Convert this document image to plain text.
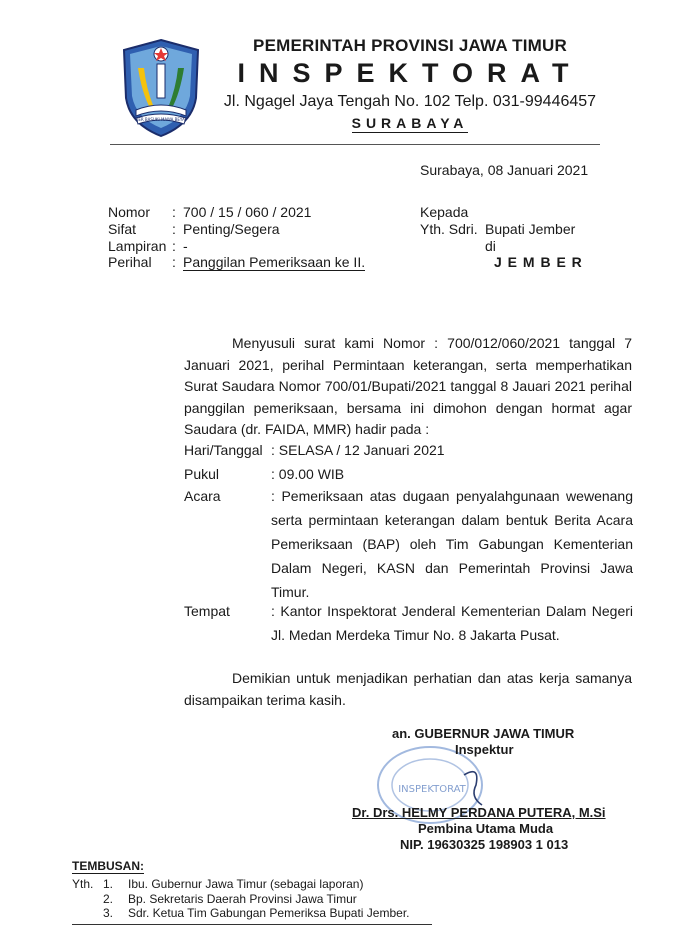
JER BASUKI MAWA BEYA
PEMERINTAH PROVINSI JAWA TIMUR
INSPEKTORAT
Jl. Ngagel Jaya Tengah No. 102 Telp. 031-99446457
SURABAYA
Surabaya, 08 Januari 2021
Nomor	: 700 / 15 / 060 / 2021
Sifat	: Penting/Segera
Lampiran : -
Perihal	: Panggilan Pemeriksaan ke II.
Kepada
Yth. Sdri. Bupati Jember
di
J E M B E R
Menyusuli surat kami Nomor : 700/012/060/2021 tanggal 7 Januari 2021, perihal Permintaan keterangan, serta memperhatikan Surat Saudara Nomor 700/01/Bupati/2021 tanggal 8 Jauari 2021 perihal panggilan pemeriksaan, bersama ini dimohon dengan hormat agar Saudara (dr. FAIDA, MMR) hadir pada :
Hari/Tanggal : SELASA / 12 Januari 2021
Pukul	: 09.00 WIB
Acara	: Pemeriksaan atas dugaan penyalahgunaan wewenang serta permintaan keterangan dalam bentuk Berita Acara Pemeriksaan (BAP) oleh Tim Gabungan Kementerian Dalam Negeri, KASN dan Pemerintah Provinsi Jawa Timur.
Tempat	: Kantor Inspektorat Jenderal Kementerian Dalam Negeri Jl. Medan Merdeka Timur No. 8 Jakarta Pusat.
Demikian untuk menjadikan perhatian dan atas kerja samanya disampaikan terima kasih.
INSPEKTORAT
an. GUBERNUR JAWA TIMUR
Inspektur
Dr. Drs. HELMY PERDANA PUTERA, M.Si
Pembina Utama Muda
NIP. 19630325 198903 1 013
TEMBUSAN:
Yth. 1. Ibu. Gubernur Jawa Timur (sebagai laporan)
2. Bp. Sekretaris Daerah Provinsi Jawa Timur
3. Sdr. Ketua Tim Gabungan Pemeriksa Bupati Jember.
